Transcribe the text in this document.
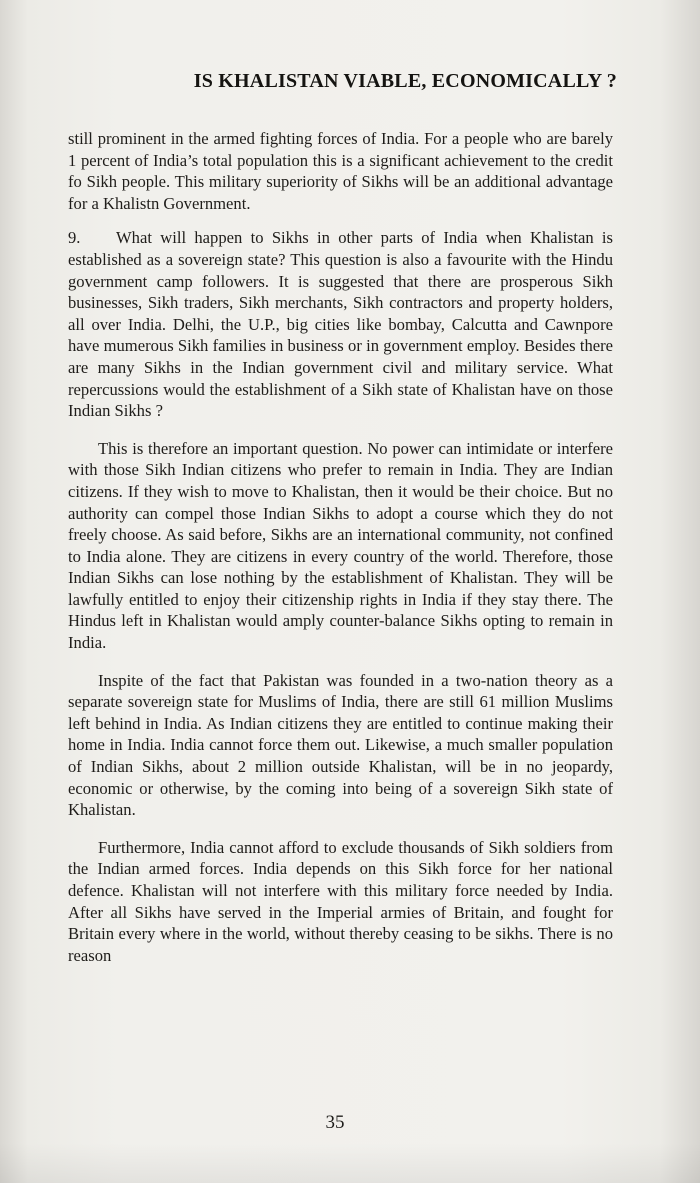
IS KHALISTAN VIABLE, ECONOMICALLY ?

still prominent in the armed fighting forces of India. For a people who are barely 1 percent of India’s total population this is a significant achievement to the credit fo Sikh people. This military superiority of Sikhs will be an additional advantage for a Khalistn Government.

9. What will happen to Sikhs in other parts of India when Khalistan is established as a sovereign state? This question is also a favourite with the Hindu government camp followers. It is suggested that there are prosperous Sikh businesses, Sikh traders, Sikh merchants, Sikh contractors and property holders, all over India. Delhi, the U.P., big cities like bombay, Calcutta and Cawnpore have mumerous Sikh families in business or in government employ. Besides there are many Sikhs in the Indian government civil and military service. What repercussions would the establishment of a Sikh state of Khalistan have on those Indian Sikhs ?

This is therefore an important question. No power can intimidate or interfere with those Sikh Indian citizens who prefer to remain in India. They are Indian citizens. If they wish to move to Khalistan, then it would be their choice. But no authority can compel those Indian Sikhs to adopt a course which they do not freely choose. As said before, Sikhs are an international community, not confined to India alone. They are citizens in every country of the world. Therefore, those Indian Sikhs can lose nothing by the establishment of Khalistan. They will be lawfully entitled to enjoy their citizenship rights in India if they stay there. The Hindus left in Khalistan would amply counter-balance Sikhs opting to remain in India.

Inspite of the fact that Pakistan was founded in a two-nation theory as a separate sovereign state for Muslims of India, there are still 61 million Muslims left behind in India. As Indian citizens they are entitled to continue making their home in India. India cannot force them out. Likewise, a much smaller population of Indian Sikhs, about 2 million outside Khalistan, will be in no jeopardy, economic or otherwise, by the coming into being of a sovereign Sikh state of Khalistan.

Furthermore, India cannot afford to exclude thousands of Sikh soldiers from the Indian armed forces. India depends on this Sikh force for her national defence. Khalistan will not interfere with this military force needed by India. After all Sikhs have served in the Imperial armies of Britain, and fought for Britain every where in the world, without thereby ceasing to be sikhs. There is no reason

35
